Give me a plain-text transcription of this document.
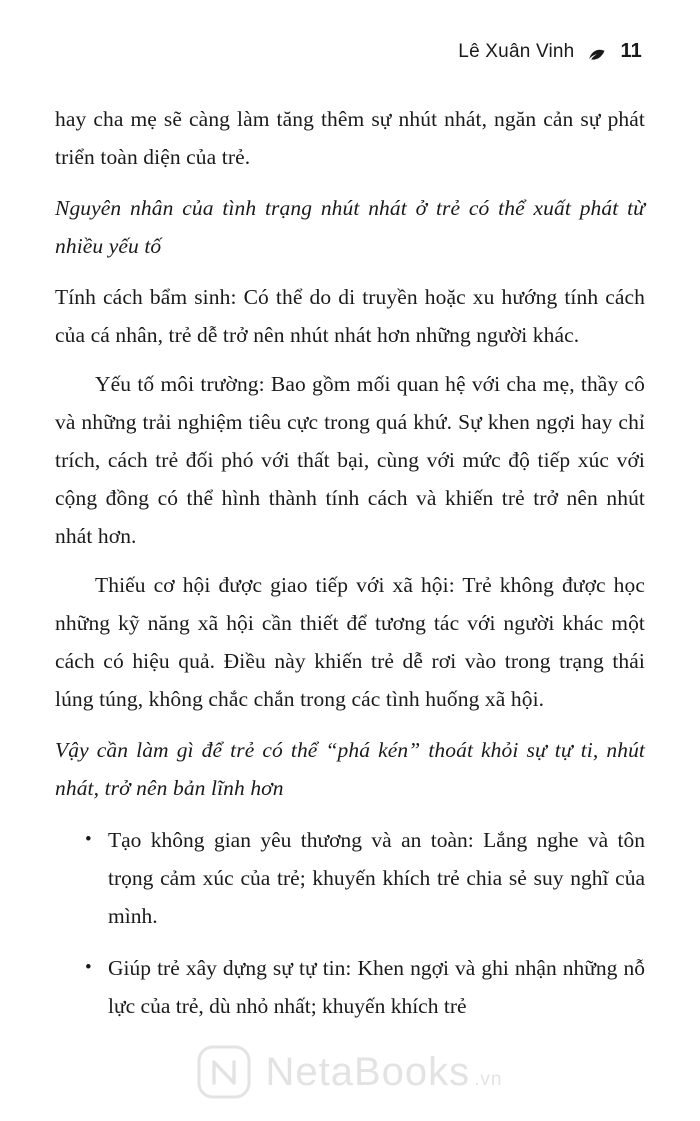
Lê Xuân Vinh 11

hay cha mẹ sẽ càng làm tăng thêm sự nhút nhát, ngăn cản sự phát triển toàn diện của trẻ.

Nguyên nhân của tình trạng nhút nhát ở trẻ có thể xuất phát từ nhiều yếu tố

Tính cách bẩm sinh: Có thể do di truyền hoặc xu hướng tính cách của cá nhân, trẻ dễ trở nên nhút nhát hơn những người khác.

Yếu tố môi trường: Bao gồm mối quan hệ với cha mẹ, thầy cô và những trải nghiệm tiêu cực trong quá khứ. Sự khen ngợi hay chỉ trích, cách trẻ đối phó với thất bại, cùng với mức độ tiếp xúc với cộng đồng có thể hình thành tính cách và khiến trẻ trở nên nhút nhát hơn.

Thiếu cơ hội được giao tiếp với xã hội: Trẻ không được học những kỹ năng xã hội cần thiết để tương tác với người khác một cách có hiệu quả. Điều này khiến trẻ dễ rơi vào trong trạng thái lúng túng, không chắc chắn trong các tình huống xã hội.

Vậy cần làm gì để trẻ có thể “phá kén” thoát khỏi sự tự ti, nhút nhát, trở nên bản lĩnh hơn

• Tạo không gian yêu thương và an toàn: Lắng nghe và tôn trọng cảm xúc của trẻ; khuyến khích trẻ chia sẻ suy nghĩ của mình.
• Giúp trẻ xây dựng sự tự tin: Khen ngợi và ghi nhận những nỗ lực của trẻ, dù nhỏ nhất; khuyến khích trẻ
NetaBooks .vn
